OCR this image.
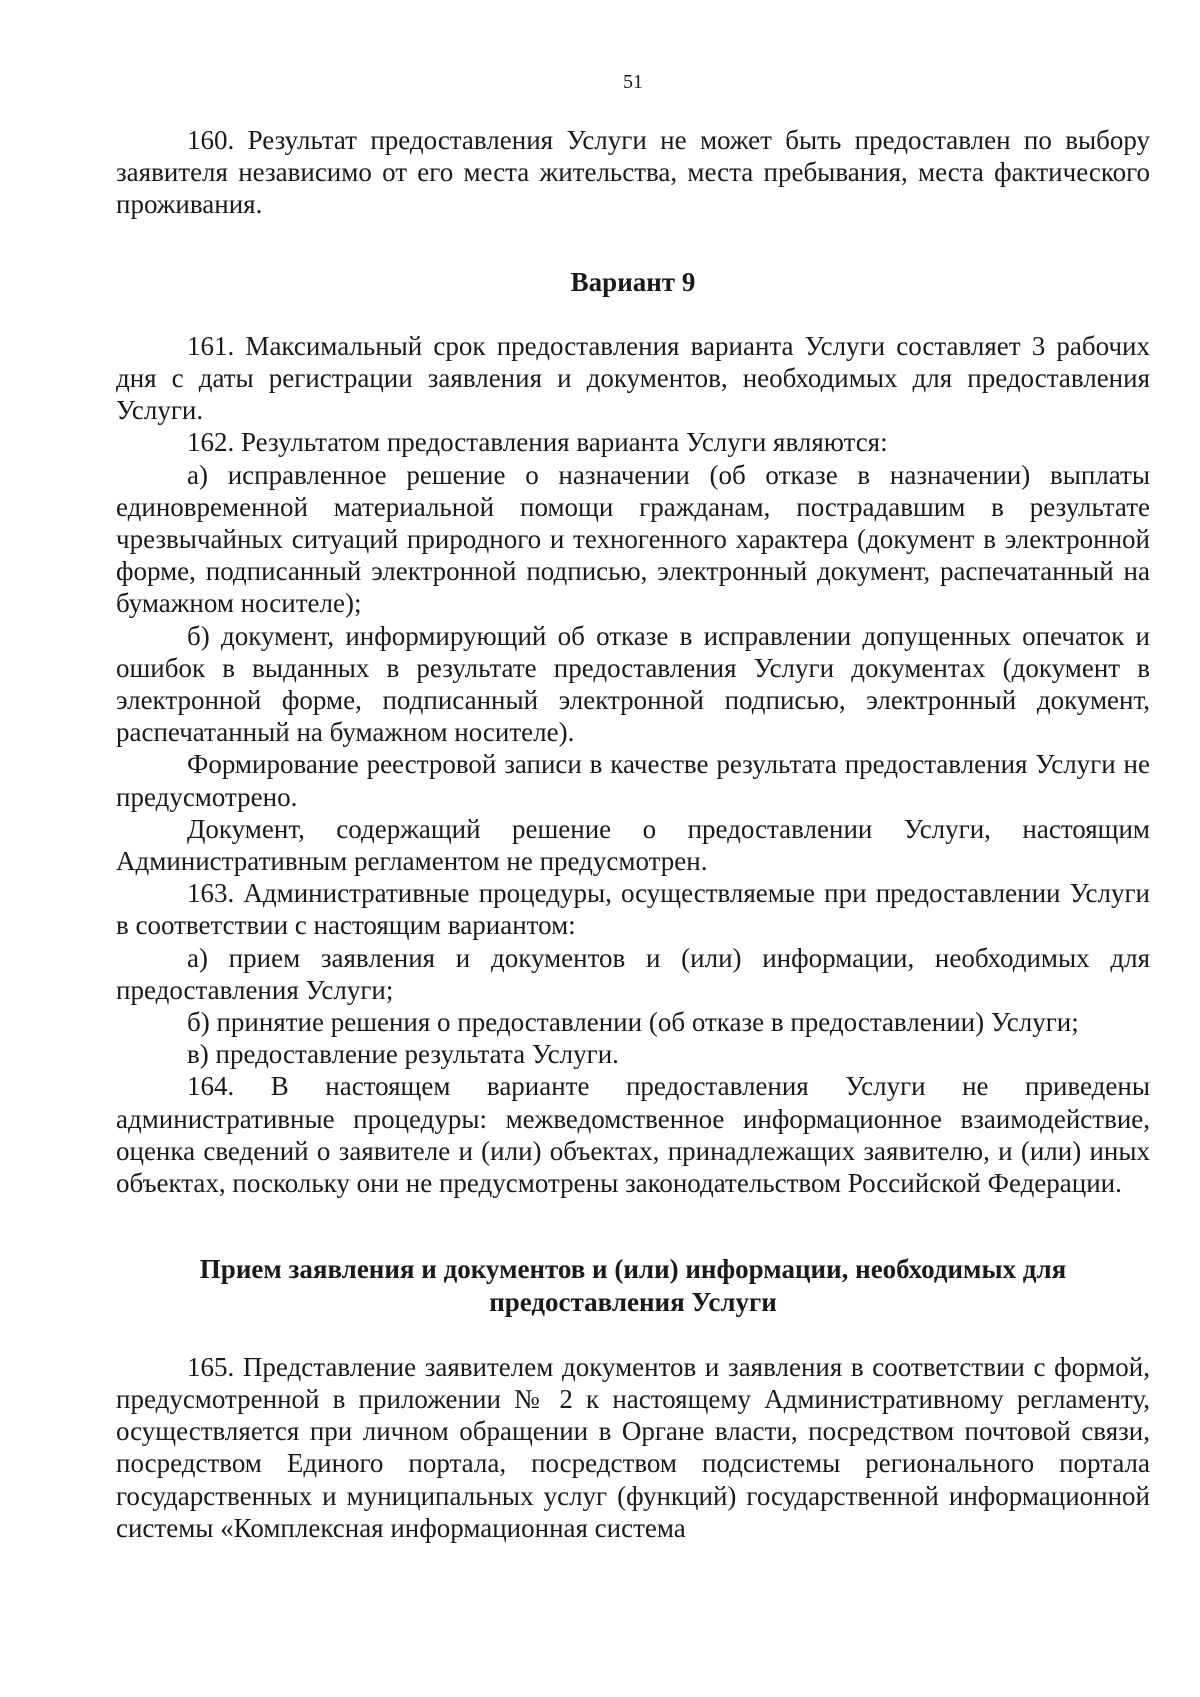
51

160. Результат предоставления Услуги не может быть предоставлен по выбору заявителя независимо от его места жительства, места пребывания, места фактического проживания.

Вариант 9

161. Максимальный срок предоставления варианта Услуги составляет 3 рабочих дня с даты регистрации заявления и документов, необходимых для предоставления Услуги.

162. Результатом предоставления варианта Услуги являются:

а) исправленное решение о назначении (об отказе в назначении) выплаты единовременной материальной помощи гражданам, пострадавшим в результате чрезвычайных ситуаций природного и техногенного характера (документ в электронной форме, подписанный электронной подписью, электронный документ, распечатанный на бумажном носителе);

б) документ, информирующий об отказе в исправлении допущенных опечаток и ошибок в выданных в результате предоставления Услуги документах (документ в электронной форме, подписанный электронной подписью, электронный документ, распечатанный на бумажном носителе).

Формирование реестровой записи в качестве результата предоставления Услуги не предусмотрено.

Документ, содержащий решение о предоставлении Услуги, настоящим Административным регламентом не предусмотрен.

163. Административные процедуры, осуществляемые при предоставлении Услуги в соответствии с настоящим вариантом:

а) прием заявления и документов и (или) информации, необходимых для предоставления Услуги;

б) принятие решения о предоставлении (об отказе в предоставлении) Услуги;

в) предоставление результата Услуги.

164. В настоящем варианте предоставления Услуги не приведены административные процедуры: межведомственное информационное взаимодействие, оценка сведений о заявителе и (или) объектах, принадлежащих заявителю, и (или) иных объектах, поскольку они не предусмотрены законодательством Российской Федерации.

Прием заявления и документов и (или) информации, необходимых для предоставления Услуги

165. Представление заявителем документов и заявления в соответствии с формой, предусмотренной в приложении № 2 к настоящему Административному регламенту, осуществляется при личном обращении в Органе власти, посредством почтовой связи, посредством Единого портала, посредством подсистемы регионального портала государственных и муниципальных услуг (функций) государственной информационной системы «Комплексная информационная система
